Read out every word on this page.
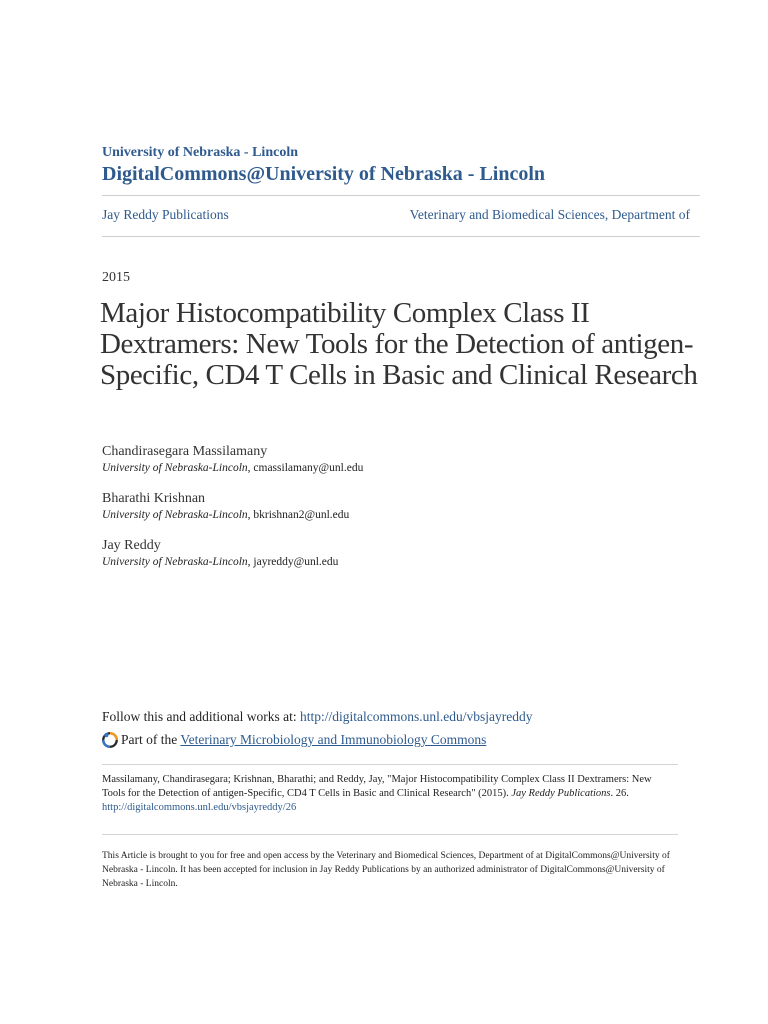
University of Nebraska - Lincoln
DigitalCommons@University of Nebraska - Lincoln
Jay Reddy Publications	Veterinary and Biomedical Sciences, Department of
2015
Major Histocompatibility Complex Class II Dextramers: New Tools for the Detection of antigen-Specific, CD4 T Cells in Basic and Clinical Research
Chandirasegara Massilamany
University of Nebraska-Lincoln, cmassilamany@unl.edu
Bharathi Krishnan
University of Nebraska-Lincoln, bkrishnan2@unl.edu
Jay Reddy
University of Nebraska-Lincoln, jayreddy@unl.edu
Follow this and additional works at: http://digitalcommons.unl.edu/vbsjayreddy
Part of the Veterinary Microbiology and Immunobiology Commons
Massilamany, Chandirasegara; Krishnan, Bharathi; and Reddy, Jay, "Major Histocompatibility Complex Class II Dextramers: New Tools for the Detection of antigen-Specific, CD4 T Cells in Basic and Clinical Research" (2015). Jay Reddy Publications. 26.
http://digitalcommons.unl.edu/vbsjayreddy/26
This Article is brought to you for free and open access by the Veterinary and Biomedical Sciences, Department of at DigitalCommons@University of Nebraska - Lincoln. It has been accepted for inclusion in Jay Reddy Publications by an authorized administrator of DigitalCommons@University of Nebraska - Lincoln.
